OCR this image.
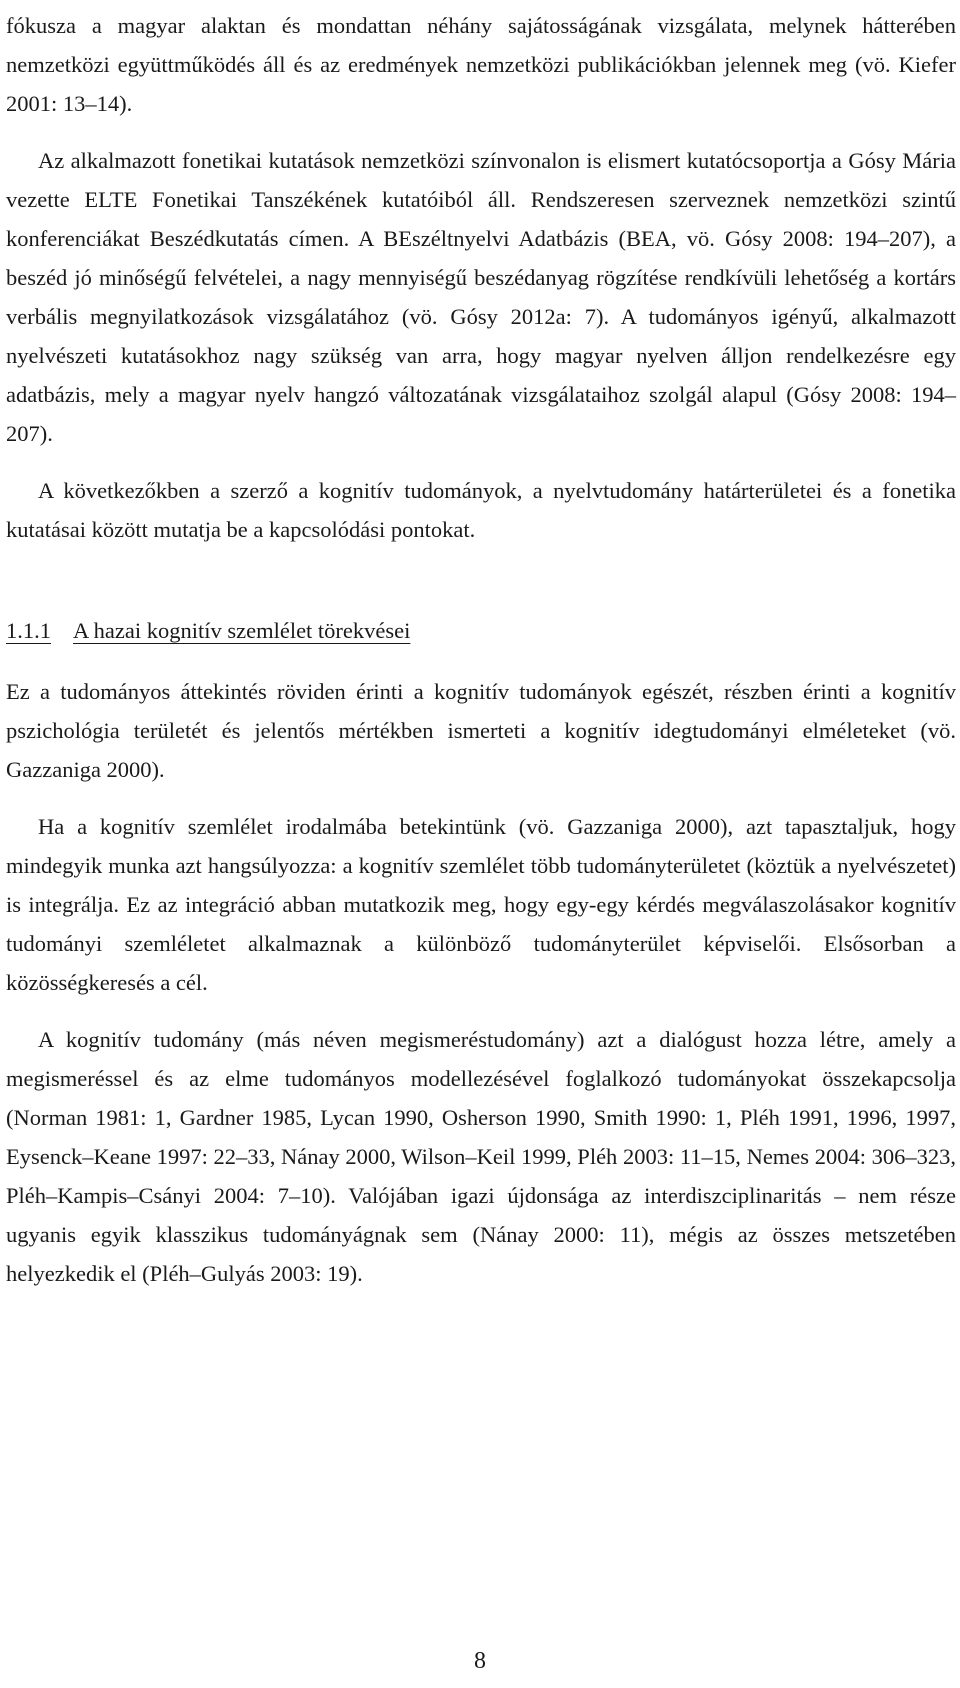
fókusza a magyar alaktan és mondattan néhány sajátosságának vizsgálata, melynek hátterében nemzetközi együttműködés áll és az eredmények nemzetközi publikációkban jelennek meg (vö. Kiefer 2001: 13–14).

Az alkalmazott fonetikai kutatások nemzetközi színvonalon is elismert kutatócsoportja a Gósy Mária vezette ELTE Fonetikai Tanszékének kutatóiból áll. Rendszeresen szerveznek nemzetközi szintű konferenciákat Beszédkutatás címen. A BEszéltnyelvi Adatbázis (BEA, vö. Gósy 2008: 194–207), a beszéd jó minőségű felvételei, a nagy mennyiségű beszédanyag rögzítése rendkívüli lehetőség a kortárs verbális megnyilatkozások vizsgálatához (vö. Gósy 2012a: 7). A tudományos igényű, alkalmazott nyelvészeti kutatásokhoz nagy szükség van arra, hogy magyar nyelven álljon rendelkezésre egy adatbázis, mely a magyar nyelv hangzó változatának vizsgálataihoz szolgál alapul (Gósy 2008: 194–207).

A következőkben a szerző a kognitív tudományok, a nyelvtudomány határterületei és a fonetika kutatásai között mutatja be a kapcsolódási pontokat.

1.1.1 A hazai kognitív szemlélet törekvései

Ez a tudományos áttekintés röviden érinti a kognitív tudományok egészét, részben érinti a kognitív pszichológia területét és jelentős mértékben ismerteti a kognitív idegtudományi elméleteket (vö. Gazzaniga 2000).

Ha a kognitív szemlélet irodalmába betekintünk (vö. Gazzaniga 2000), azt tapasztaljuk, hogy mindegyik munka azt hangsúlyozza: a kognitív szemlélet több tudományterületet (köztük a nyelvészetet) is integrálja. Ez az integráció abban mutatkozik meg, hogy egy-egy kérdés megválaszolásakor kognitív tudományi szemléletet alkalmaznak a különböző tudományterület képviselői. Elsősorban a közösségkeresés a cél.

A kognitív tudomány (más néven megismeréstudomány) azt a dialógust hozza létre, amely a megismeréssel és az elme tudományos modellezésével foglalkozó tudományokat összekapcsolja (Norman 1981: 1, Gardner 1985, Lycan 1990, Osherson 1990, Smith 1990: 1, Pléh 1991, 1996, 1997, Eysenck–Keane 1997: 22–33, Nánay 2000, Wilson–Keil 1999, Pléh 2003: 11–15, Nemes 2004: 306–323, Pléh–Kampis–Csányi 2004: 7–10). Valójában igazi újdonsága az interdiszciplinaritás – nem része ugyanis egyik klasszikus tudományágnak sem (Nánay 2000: 11), mégis az összes metszetében helyezkedik el (Pléh–Gulyás 2003: 19).

8
